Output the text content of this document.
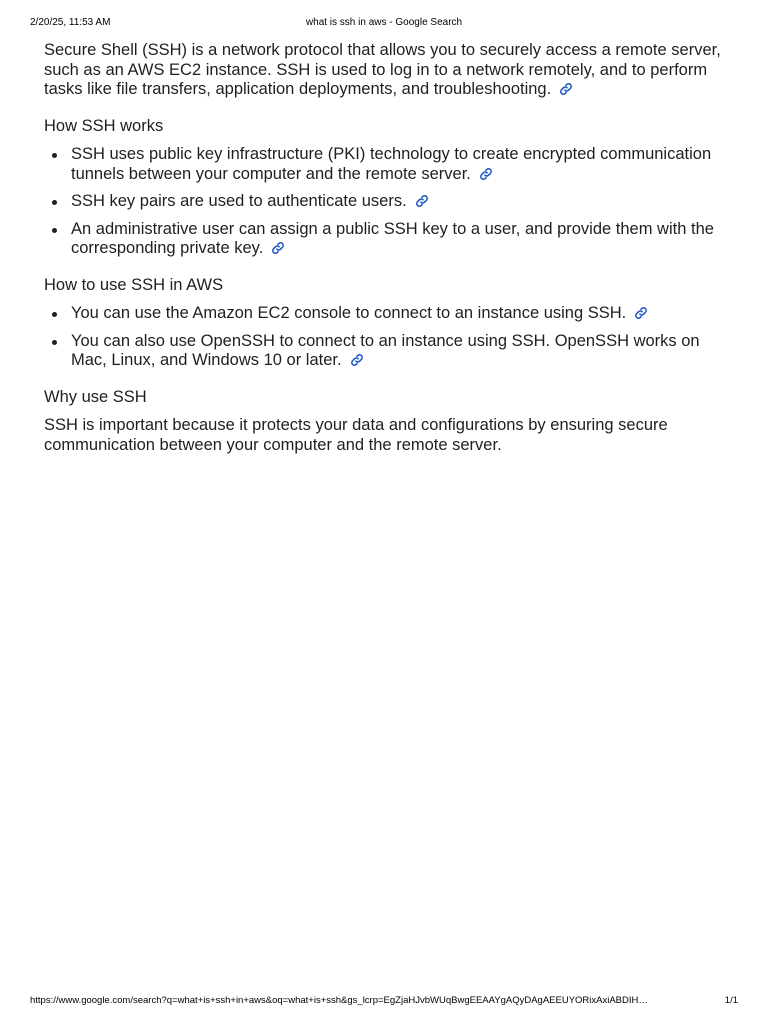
2/20/25, 11:53 AM	what is ssh in aws - Google Search

Secure Shell (SSH) is a network protocol that allows you to securely access a remote server, such as an AWS EC2 instance. SSH is used to log in to a network remotely, and to perform tasks like file transfers, application deployments, and troubleshooting.

How SSH works

SSH uses public key infrastructure (PKI) technology to create encrypted communication tunnels between your computer and the remote server.
SSH key pairs are used to authenticate users.
An administrative user can assign a public SSH key to a user, and provide them with the corresponding private key.

How to use SSH in AWS

You can use the Amazon EC2 console to connect to an instance using SSH.
You can also use OpenSSH to connect to an instance using SSH. OpenSSH works on Mac, Linux, and Windows 10 or later.

Why use SSH

SSH is important because it protects your data and configurations by ensuring secure communication between your computer and the remote server.

https://www.google.com/search?q=what+is+ssh+in+aws&oq=what+is+ssh&gs_lcrp=EgZjaHJvbWUqBwgEEAAYgAQyDAgAEEUYORixAxiABDIH…	1/1
